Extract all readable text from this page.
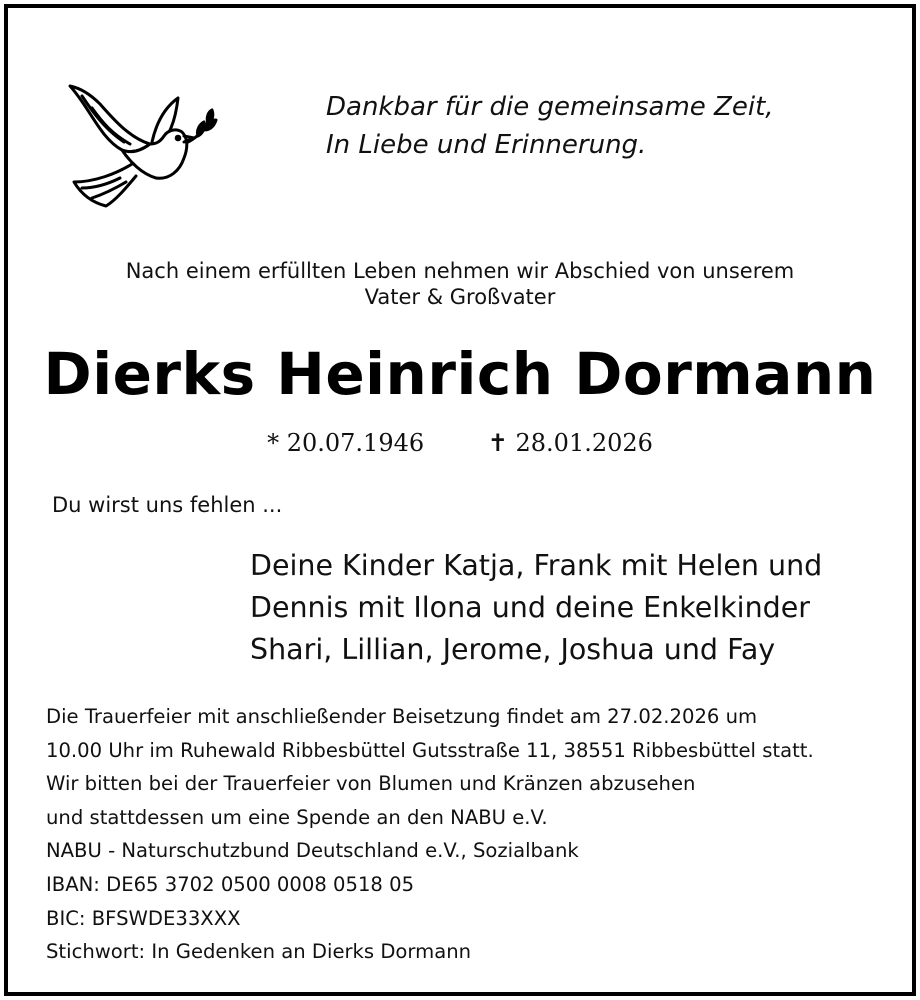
Dankbar für die gemeinsame Zeit,
In Liebe und Erinnerung.
Nach einem erfüllten Leben nehmen wir Abschied von unserem
Vater & Großvater
Dierks Heinrich Dormann
* 20.07.1946	✝ 28.01.2026
Du wirst uns fehlen ...
Deine Kinder Katja, Frank mit Helen und
Dennis mit Ilona und deine Enkelkinder
Shari, Lillian, Jerome, Joshua und Fay
Die Trauerfeier mit anschließender Beisetzung findet am 27.02.2026 um
10.00 Uhr im Ruhewald Ribbesbüttel Gutsstraße 11, 38551 Ribbesbüttel statt.
Wir bitten bei der Trauerfeier von Blumen und Kränzen abzusehen
und stattdessen um eine Spende an den NABU e.V.
NABU - Naturschutzbund Deutschland e.V., Sozialbank
IBAN: DE65 3702 0500 0008 0518 05
BIC: BFSWDE33XXX
Stichwort: In Gedenken an Dierks Dormann
